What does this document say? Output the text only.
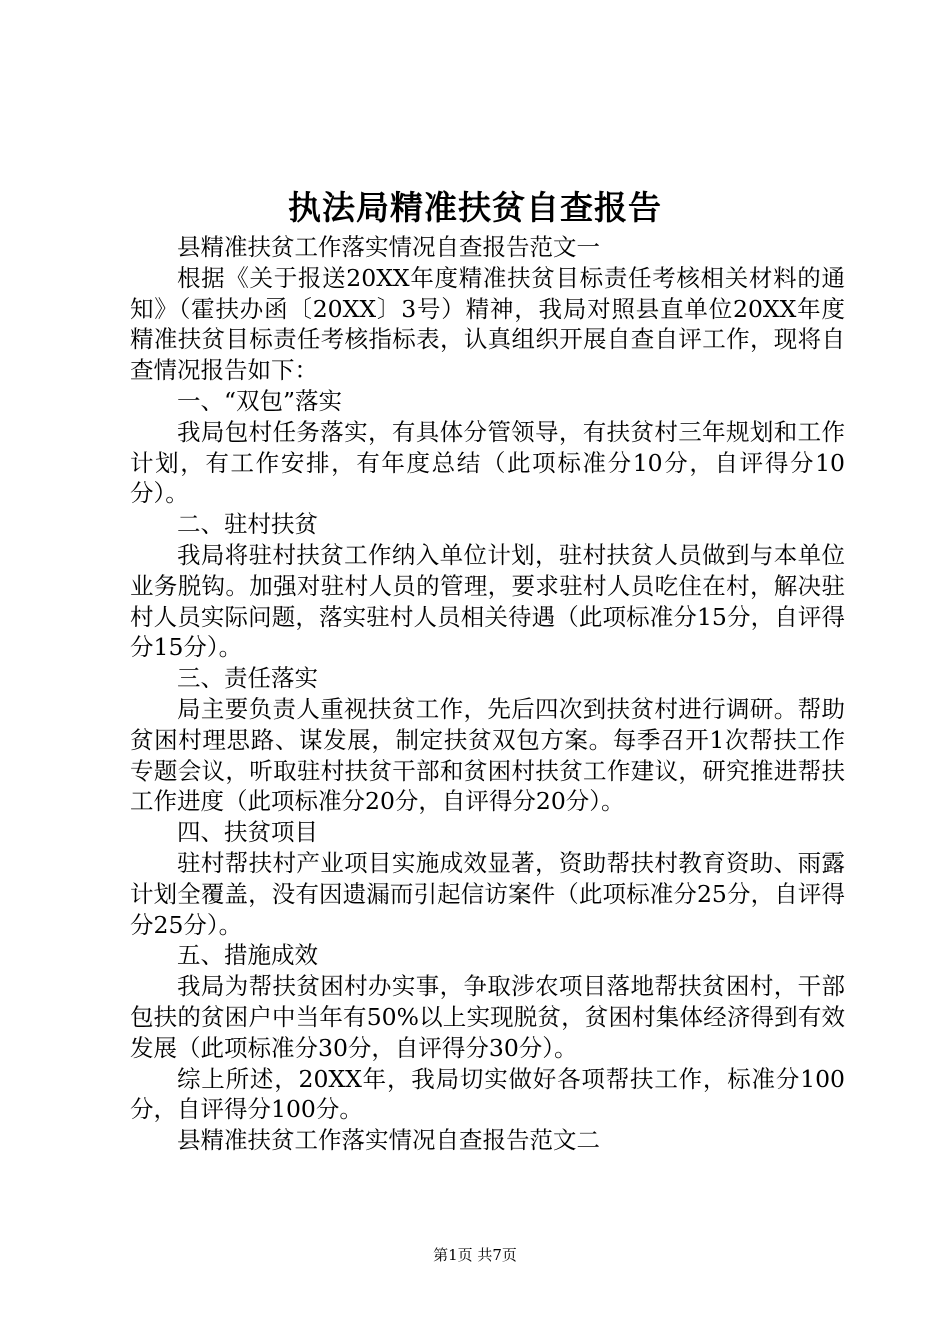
执法局精准扶贫自查报告

县精准扶贫工作落实情况自查报告范文一

根据《关于报送20XX年度精准扶贫目标责任考核相关材料的通知》（霍扶办函〔20XX〕3号）精神，我局对照县直单位20XX年度精准扶贫目标责任考核指标表，认真组织开展自查自评工作，现将自查情况报告如下：

一、“双包”落实

我局包村任务落实，有具体分管领导，有扶贫村三年规划和工作计划，有工作安排，有年度总结（此项标准分10分，自评得分10分）。

二、驻村扶贫

我局将驻村扶贫工作纳入单位计划，驻村扶贫人员做到与本单位业务脱钩。加强对驻村人员的管理，要求驻村人员吃住在村，解决驻村人员实际问题，落实驻村人员相关待遇（此项标准分15分，自评得分15分）。

三、责任落实

局主要负责人重视扶贫工作，先后四次到扶贫村进行调研。帮助贫困村理思路、谋发展，制定扶贫双包方案。每季召开1次帮扶工作专题会议，听取驻村扶贫干部和贫困村扶贫工作建议，研究推进帮扶工作进度（此项标准分20分，自评得分20分）。

四、扶贫项目

驻村帮扶村产业项目实施成效显著，资助帮扶村教育资助、雨露计划全覆盖，没有因遗漏而引起信访案件（此项标准分25分，自评得分25分）。

五、措施成效

我局为帮扶贫困村办实事，争取涉农项目落地帮扶贫困村，干部包扶的贫困户中当年有50%以上实现脱贫，贫困村集体经济得到有效发展（此项标准分30分，自评得分30分）。

综上所述，20XX年，我局切实做好各项帮扶工作，标准分100分，自评得分100分。

县精准扶贫工作落实情况自查报告范文二

第1页 共7页
